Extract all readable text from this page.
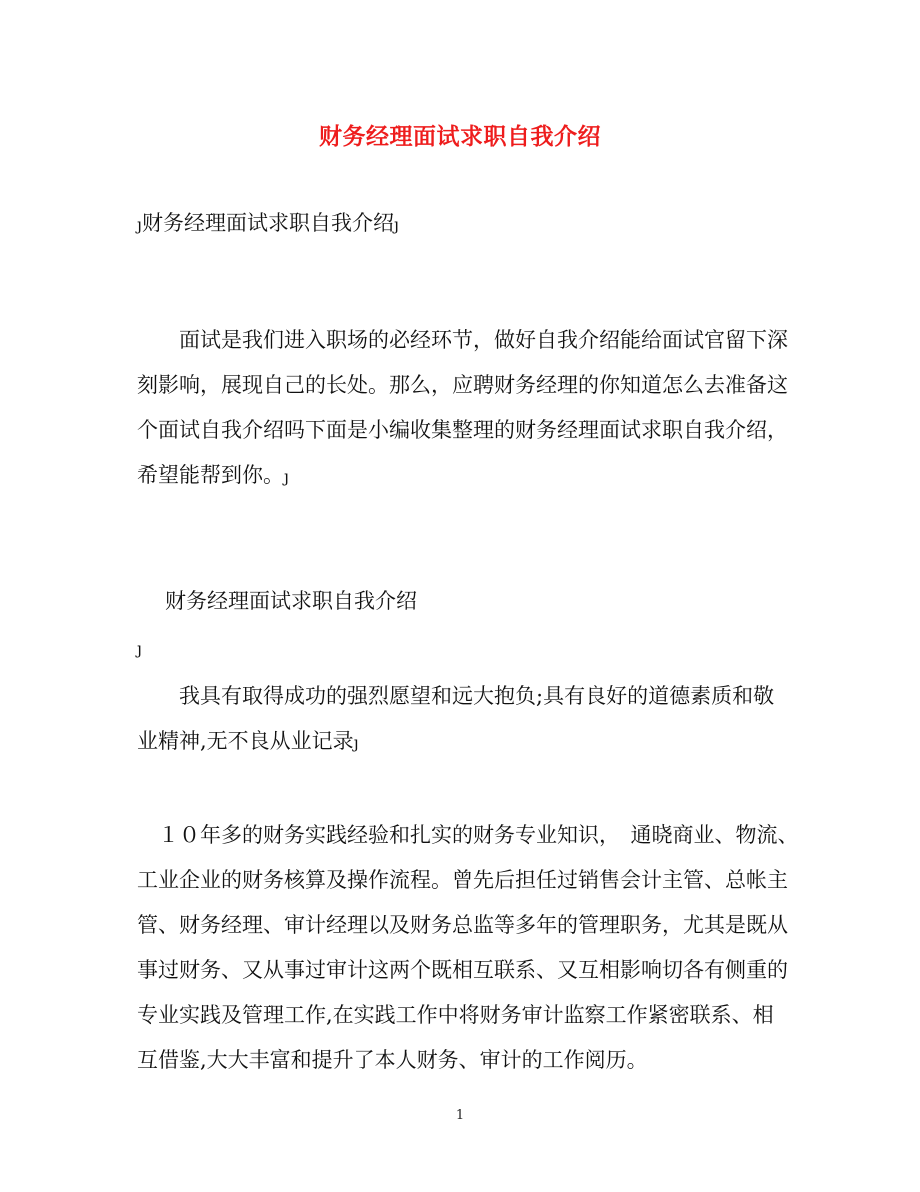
财务经理面试求职自我介绍
ȷ财务经理面试求职自我介绍ȷ
　　面试是我们进入职场的必经环节，做好自我介绍能给面试官留下深
刻影响，展现自己的长处。那么，应聘财务经理的你知道怎么去准备这
个面试自我介绍吗下面是小编收集整理的财务经理面试求职自我介绍，
希望能帮到你。ȷ
财务经理面试求职自我介绍
ȷ
　　我具有取得成功的强烈愿望和远大抱负;具有良好的道德素质和敬
业精神,无不良从业记录ȷ
　１０年多的财务实践经验和扎实的财务专业知识，　通晓商业、物流、
工业企业的财务核算及操作流程。曾先后担任过销售会计主管、总帐主
管、财务经理、审计经理以及财务总监等多年的管理职务，尤其是既从
事过财务、又从事过审计这两个既相互联系、又互相影响切各有侧重的
专业实践及管理工作,在实践工作中将财务审计监察工作紧密联系、相
互借鉴,大大丰富和提升了本人财务、审计的工作阅历。
1
